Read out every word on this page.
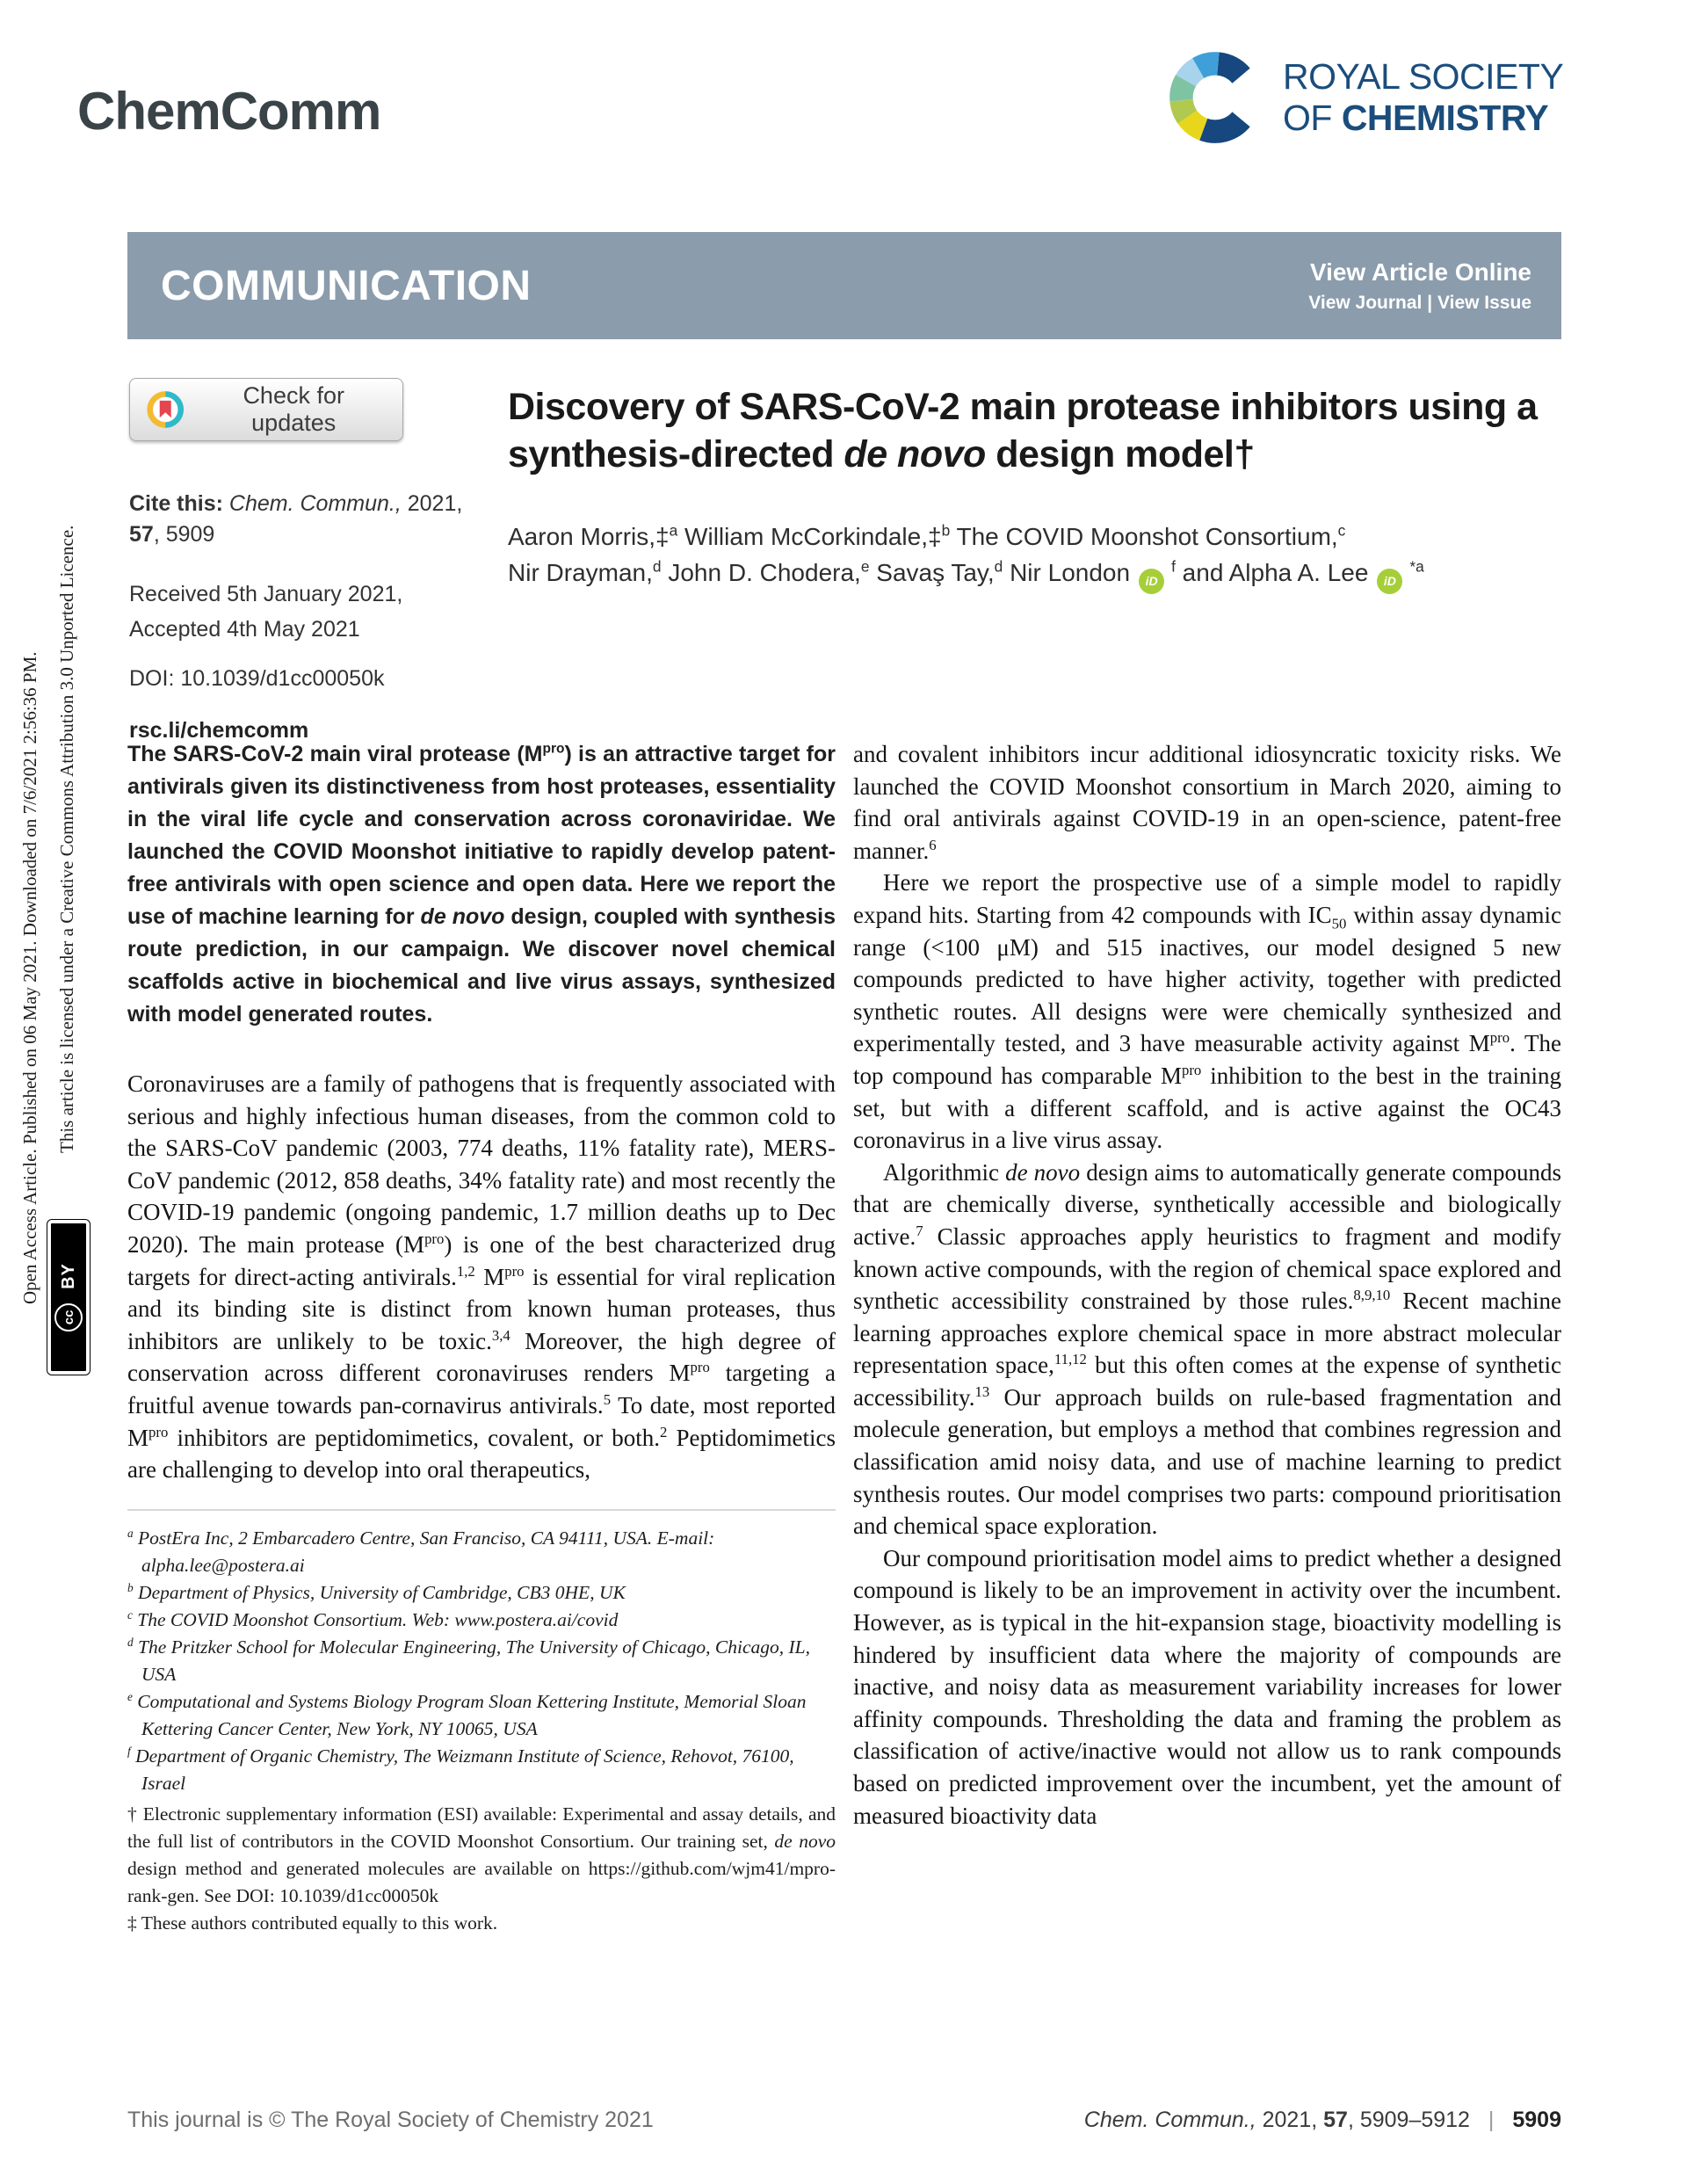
Open Access Article. Published on 06 May 2021. Downloaded on 7/6/2021 2:56:36 PM. This article is licensed under a Creative Commons Attribution 3.0 Unported Licence.
cc
BY
ChemComm
ROYAL SOCIETY
OF CHEMISTRY
COMMUNICATION	View Article Online
View Journal | View Issue
Check for updates

Cite this: Chem. Commun., 2021, 57, 5909

Received 5th January 2021,
Accepted 4th May 2021

DOI: 10.1039/d1cc00050k

rsc.li/chemcomm

Discovery of SARS-CoV-2 main protease inhibitors using a synthesis-directed de novo design model†

Aaron Morris,‡$^a$ William McCorkindale,‡$^b$ The COVID Moonshot Consortium,$^c$

Nir Drayman,$^d$ John D. Chodera,$^e$ Savaş Tay,$^d$ Nir London $iD^f$ and Alpha A. Lee $iD^{*a}$

The SARS-CoV-2 main viral protease $(M^{pro})$ is an attractive target for antivirals given its distinctiveness from host proteases, essentiality in the viral life cycle and conservation across coronaviridae. We launched the COVID Moonshot initiative to rapidly develop patent-free antivirals with open science and open data. Here we report the use of machine learning for de novo design, coupled with synthesis route prediction, in our campaign. We discover novel chemical scaffolds active in biochemical and live virus assays, synthesized with model generated routes.

Coronaviruses are a family of pathogens that is frequently associated with serious and highly infectious human diseases, from the common cold to the SARS-CoV pandemic (2003, 774 deaths, 11% fatality rate), MERS-CoV pandemic (2012, 858 deaths, 34% fatality rate) and most recently the COVID-19 pandemic (ongoing pandemic, 1.7 million deaths up to Dec 2020). The main protease $(M^{pro})$ is one of the best characterized drug targets for direct-acting antivirals.$^{1,2}$ $M^{pro}$ is essential for viral replication and its binding site is distinct from known human proteases, thus inhibitors are unlikely to be toxic.$^{3,4}$ Moreover, the high degree of conservation across different coronaviruses renders $M^{pro}$ targeting a fruitful avenue towards pan-cornavirus antivirals.$^5$ To date, most reported $M^{pro}$ inhibitors are peptidomimetics, covalent, or both.$^2$ Peptidomimetics are challenging to develop into oral therapeutics,

$^a$ PostEra Inc, 2 Embarcadero Centre, San Franciso, CA 94111, USA. E-mail: alpha.lee@postera.ai
$^b$ Department of Physics, University of Cambridge, CB3 0HE, UK
$^c$ The COVID Moonshot Consortium. Web: www.postera.ai/covid
$^d$ The Pritzker School for Molecular Engineering, The University of Chicago, Chicago, IL, USA
$^e$ Computational and Systems Biology Program Sloan Kettering Institute, Memorial Sloan Kettering Cancer Center, New York, NY 10065, USA
$^f$ Department of Organic Chemistry, The Weizmann Institute of Science, Rehovot, 76100, Israel
† Electronic supplementary information (ESI) available: Experimental and assay details, and the full list of contributors in the COVID Moonshot Consortium. Our training set, de novo design method and generated molecules are available on https://github.com/wjm41/mpro-rank-gen. See DOI: 10.1039/d1cc00050k
‡ These authors contributed equally to this work.

and covalent inhibitors incur additional idiosyncratic toxicity risks. We launched the COVID Moonshot consortium in March 2020, aiming to find oral antivirals against COVID-19 in an open-science, patent-free manner.$^6$

Here we report the prospective use of a simple model to rapidly expand hits. Starting from 42 compounds with $IC_{50}$ within assay dynamic range (<100 μM) and 515 inactives, our model designed 5 new compounds predicted to have higher activity, together with predicted synthetic routes. All designs were were chemically synthesized and experimentally tested, and 3 have measurable activity against $M^{pro}$. The top compound has comparable $M^{pro}$ inhibition to the best in the training set, but with a different scaffold, and is active against the OC43 coronavirus in a live virus assay.

Algorithmic de novo design aims to automatically generate compounds that are chemically diverse, synthetically accessible and biologically active.$^7$ Classic approaches apply heuristics to fragment and modify known active compounds, with the region of chemical space explored and synthetic accessibility constrained by those rules.$^{8,9,10}$ Recent machine learning approaches explore chemical space in more abstract molecular representation space,$^{11,12}$ but this often comes at the expense of synthetic accessibility.$^{13}$ Our approach builds on rule-based fragmentation and molecule generation, but employs a method that combines regression and classification amid noisy data, and use of machine learning to predict synthesis routes. Our model comprises two parts: compound prioritisation and chemical space exploration.

Our compound prioritisation model aims to predict whether a designed compound is likely to be an improvement in activity over the incumbent. However, as is typical in the hit-expansion stage, bioactivity modelling is hindered by insufficient data where the majority of compounds are inactive, and noisy data as measurement variability increases for lower affinity compounds. Thresholding the data and framing the problem as classification of active/inactive would not allow us to rank compounds based on predicted improvement over the incumbent, yet the amount of measured bioactivity data

This journal is © The Royal Society of Chemistry 2021	Chem. Commun., 2021, 57, 5909–5912 | 5909
